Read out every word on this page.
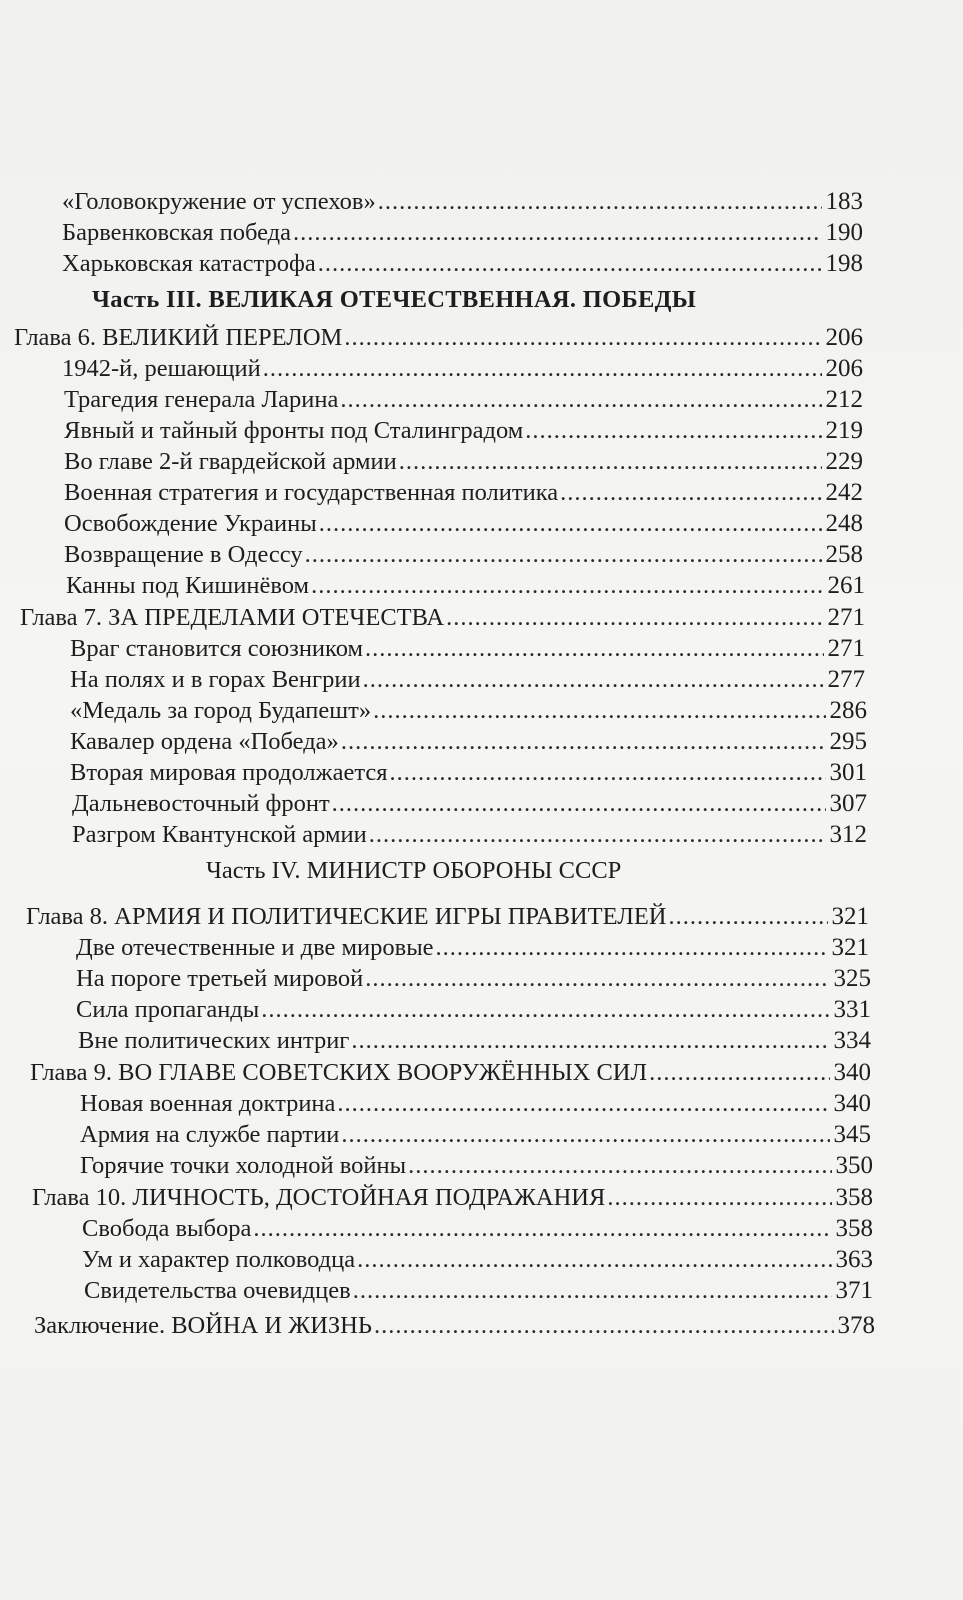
«Головокружение от успехов» .....	183
Барвенковская победа .....	190
Харьковская катастрофа .....	198
Часть III. ВЕЛИКАЯ ОТЕЧЕСТВЕННАЯ. ПОБЕДЫ
Глава 6. ВЕЛИКИЙ ПЕРЕЛОМ .....	206
1942-й, решающий .....	206
Трагедия генерала Ларина .....	212
Явный и тайный фронты под Сталинградом .....	219
Во главе 2-й гвардейской армии .....	229
Военная стратегия и государственная политика .....	242
Освобождение Украины .....	248
Возвращение в Одессу .....	258
Канны под Кишинёвом .....	261
Глава 7. ЗА ПРЕДЕЛАМИ ОТЕЧЕСТВА .....	271
Враг становится союзником .....	271
На полях и в горах Венгрии .....	277
«Медаль за город Будапешт» .....	286
Кавалер ордена «Победа» .....	295
Вторая мировая продолжается .....	301
Дальневосточный фронт .....	307
Разгром Квантунской армии .....	312
Часть IV. МИНИСТР ОБОРОНЫ СССР
Глава 8. АРМИЯ И ПОЛИТИЧЕСКИЕ ИГРЫ ПРАВИТЕЛЕЙ .....	321
Две отечественные и две мировые .....	321
На пороге третьей мировой .....	325
Сила пропаганды .....	331
Вне политических интриг .....	334
Глава 9. ВО ГЛАВЕ СОВЕТСКИХ ВООРУЖЁННЫХ СИЛ .....	340
Новая военная доктрина .....	340
Армия на службе партии .....	345
Горячие точки холодной войны .....	350
Глава 10. ЛИЧНОСТЬ, ДОСТОЙНАЯ ПОДРАЖАНИЯ .....	358
Свобода выбора .....	358
Ум и характер полководца .....	363
Свидетельства очевидцев .....	371
Заключение. ВОЙНА И ЖИЗНЬ .....	378
